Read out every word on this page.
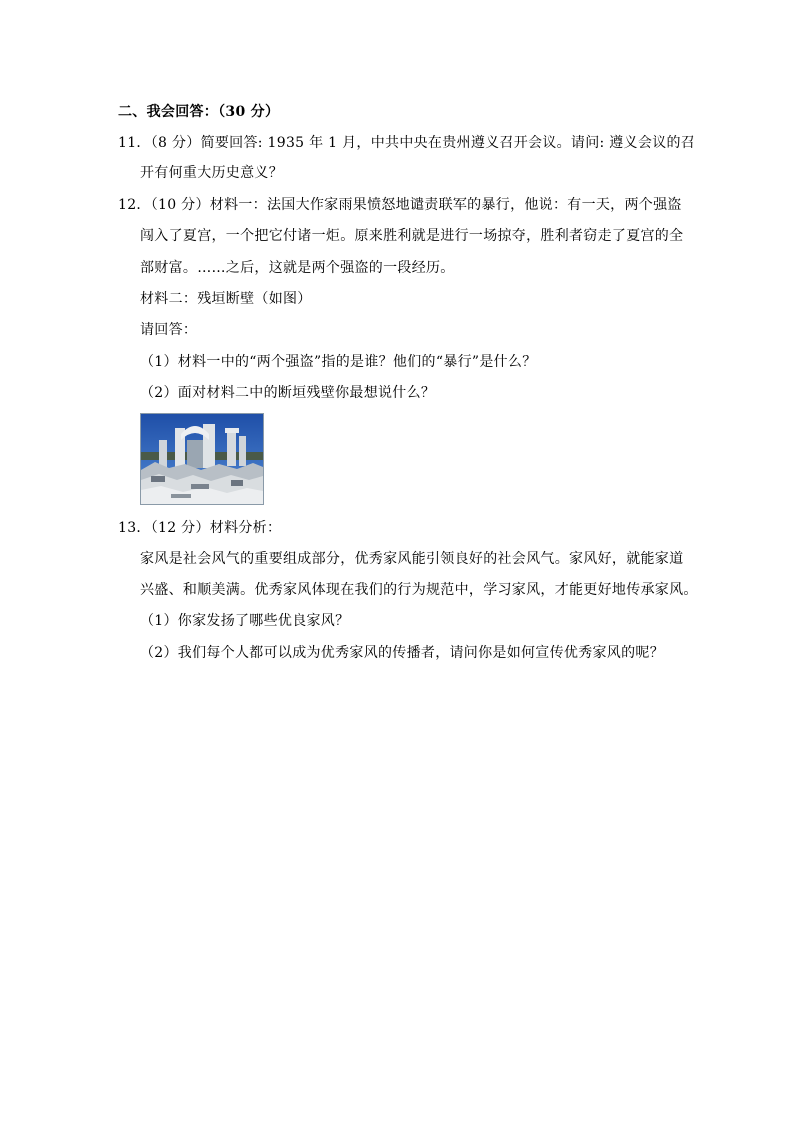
二、我会回答：（30 分）
11．（8 分）简要回答: 1935 年 1 月，中共中央在贵州遵义召开会议。请问: 遵义会议的召
开有何重大历史意义？
12．（10 分）材料一：法国大作家雨果愤怒地谴责联军的暴行，他说：有一天，两个强盗
闯入了夏宫，一个把它付诸一炬。原来胜利就是进行一场掠夺，胜利者窃走了夏宫的全
部财富。……之后，这就是两个强盗的一段经历。
材料二：残垣断壁（如图）
请回答：
（1）材料一中的“两个强盗”指的是谁？他们的“暴行”是什么？
（2）面对材料二中的断垣残壁你最想说什么？
13．（12 分）材料分析：
家风是社会风气的重要组成部分，优秀家风能引领良好的社会风气。家风好，就能家道
兴盛、和顺美满。优秀家风体现在我们的行为规范中，学习家风，才能更好地传承家风。
（1）你家发扬了哪些优良家风？
（2）我们每个人都可以成为优秀家风的传播者，请问你是如何宣传优秀家风的呢？
